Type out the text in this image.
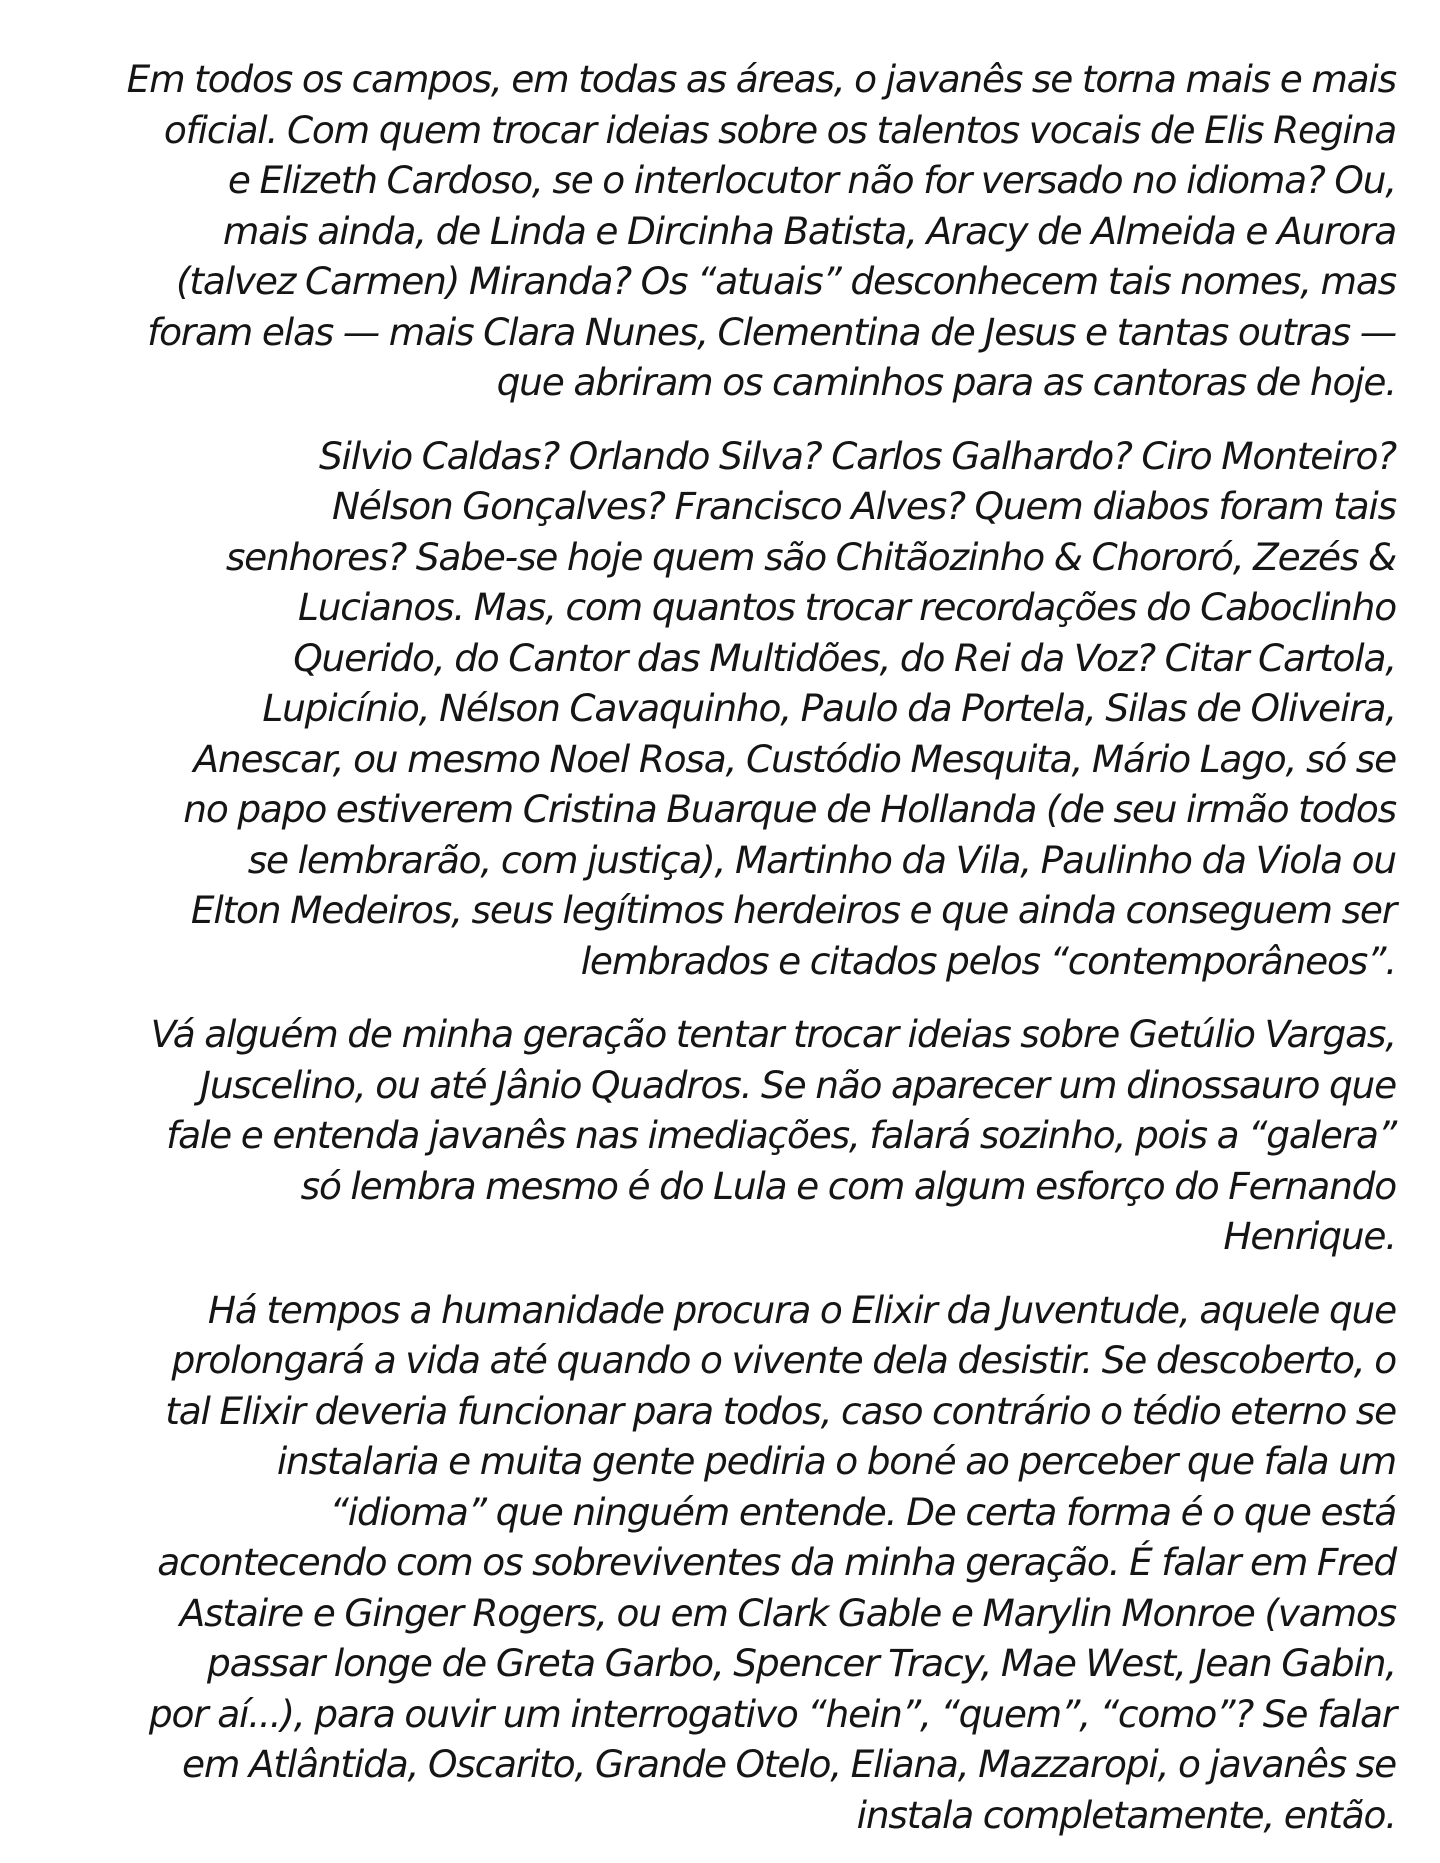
Em todos os campos, em todas as áreas, o javanês se torna mais e mais
oficial. Com quem trocar ideias sobre os talentos vocais de Elis Regina
e Elizeth Cardoso, se o interlocutor não for versado no idioma? Ou,
mais ainda, de Linda e Dircinha Batista, Aracy de Almeida e Aurora
(talvez Carmen) Miranda? Os “atuais” desconhecem tais nomes, mas
foram elas — mais Clara Nunes, Clementina de Jesus e tantas outras —
que abriram os caminhos para as cantoras de hoje.

Silvio Caldas? Orlando Silva? Carlos Galhardo? Ciro Monteiro?
Nélson Gonçalves? Francisco Alves? Quem diabos foram tais
senhores? Sabe-se hoje quem são Chitãozinho & Chororó, Zezés &
Lucianos. Mas, com quantos trocar recordações do Caboclinho
Querido, do Cantor das Multidões, do Rei da Voz? Citar Cartola,
Lupicínio, Nélson Cavaquinho, Paulo da Portela, Silas de Oliveira,
Anescar, ou mesmo Noel Rosa, Custódio Mesquita, Mário Lago, só se
no papo estiverem Cristina Buarque de Hollanda (de seu irmão todos
se lembrarão, com justiça), Martinho da Vila, Paulinho da Viola ou
Elton Medeiros, seus legítimos herdeiros e que ainda conseguem ser
lembrados e citados pelos “contemporâneos”.

Vá alguém de minha geração tentar trocar ideias sobre Getúlio Vargas,
Juscelino, ou até Jânio Quadros. Se não aparecer um dinossauro que
fale e entenda javanês nas imediações, falará sozinho, pois a “galera”
só lembra mesmo é do Lula e com algum esforço do Fernando
Henrique.

Há tempos a humanidade procura o Elixir da Juventude, aquele que
prolongará a vida até quando o vivente dela desistir. Se descoberto, o
tal Elixir deveria funcionar para todos, caso contrário o tédio eterno se
instalaria e muita gente pediria o boné ao perceber que fala um
“idioma” que ninguém entende. De certa forma é o que está
acontecendo com os sobreviventes da minha geração. É falar em Fred
Astaire e Ginger Rogers, ou em Clark Gable e Marylin Monroe (vamos
passar longe de Greta Garbo, Spencer Tracy, Mae West, Jean Gabin,
por aí...), para ouvir um interrogativo “hein”, “quem”, “como”? Se falar
em Atlântida, Oscarito, Grande Otelo, Eliana, Mazzaropi, o javanês se
instala completamente, então.
